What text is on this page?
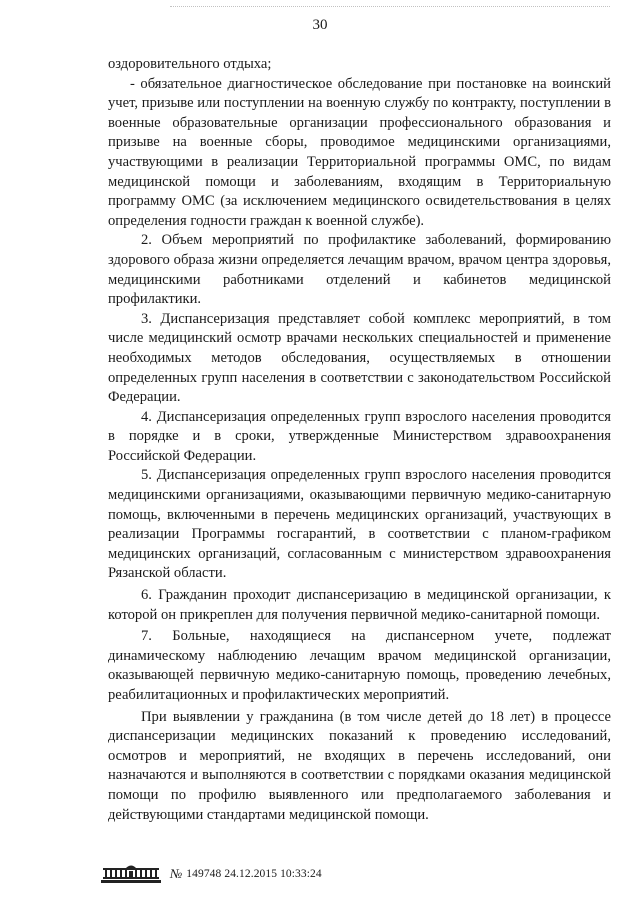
30

оздоровительного отдыха;

- обязательное диагностическое обследование при постановке на воинский учет, призыве или поступлении на военную службу по контракту, поступлении в военные образовательные организации профессионального образования и призыве на военные сборы, проводимое медицинскими организациями, участвующими в реализации Территориальной программы ОМС, по видам медицинской помощи и заболеваниям, входящим в Территориальную программу ОМС (за исключением медицинского освидетельствования в целях определения годности граждан к военной службе).

2. Объем мероприятий по профилактике заболеваний, формированию здорового образа жизни определяется лечащим врачом, врачом центра здоровья, медицинскими работниками отделений и кабинетов медицинской профилактики.

3. Диспансеризация представляет собой комплекс мероприятий, в том числе медицинский осмотр врачами нескольких специальностей и применение необходимых методов обследования, осуществляемых в отношении определенных групп населения в соответствии с законодательством Российской Федерации.

4. Диспансеризация определенных групп взрослого населения проводится в порядке и в сроки, утвержденные Министерством здравоохранения Российской Федерации.

5. Диспансеризация определенных групп взрослого населения проводится медицинскими организациями, оказывающими первичную медико-санитарную помощь, включенными в перечень медицинских организаций, участвующих в реализации Программы госгарантий, в соответствии с планом-графиком медицинских организаций, согласованным с министерством здравоохранения Рязанской области.

6. Гражданин проходит диспансеризацию в медицинской организации, к которой он прикреплен для получения первичной медико-санитарной помощи.

7. Больные, находящиеся на диспансерном учете, подлежат динамическому наблюдению лечащим врачом медицинской организации, оказывающей первичную медико-санитарную помощь, проведению лечебных, реабилитационных и профилактических мероприятий.

При выявлении у гражданина (в том числе детей до 18 лет) в процессе диспансеризации медицинских показаний к проведению исследований, осмотров и мероприятий, не входящих в перечень исследований, они назначаются и выполняются в соответствии с порядками оказания медицинской помощи по профилю выявленного или предполагаемого заболевания и действующими стандартами медицинской помощи.

№ 149748 24.12.2015 10:33:24
